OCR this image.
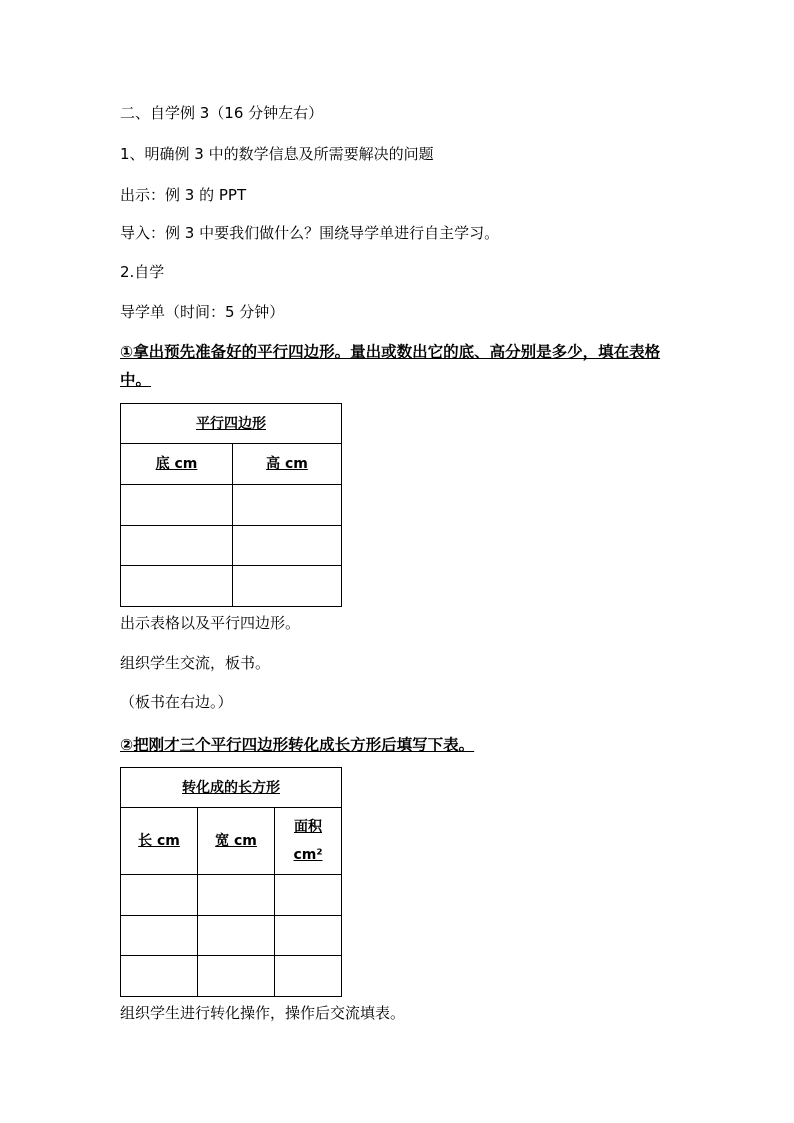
二、自学例 3（16 分钟左右）
1、明确例 3 中的数学信息及所需要解决的问题
出示：例 3 的 PPT
导入：例 3 中要我们做什么？围绕导学单进行自主学习。
2.自学
导学单（时间：5 分钟）
①拿出预先准备好的平行四边形。量出或数出它的底、高分别是多少，填在表格中。
平行四边形	
底 cm	高 cm

出示表格以及平行四边形。
组织学生交流，板书。
（板书在右边。）
②把刚才三个平行四边形转化成长方形后填写下表。
转化成的长方形		
长 cm	宽 cm	面积
cm²

组织学生进行转化操作，操作后交流填表。
